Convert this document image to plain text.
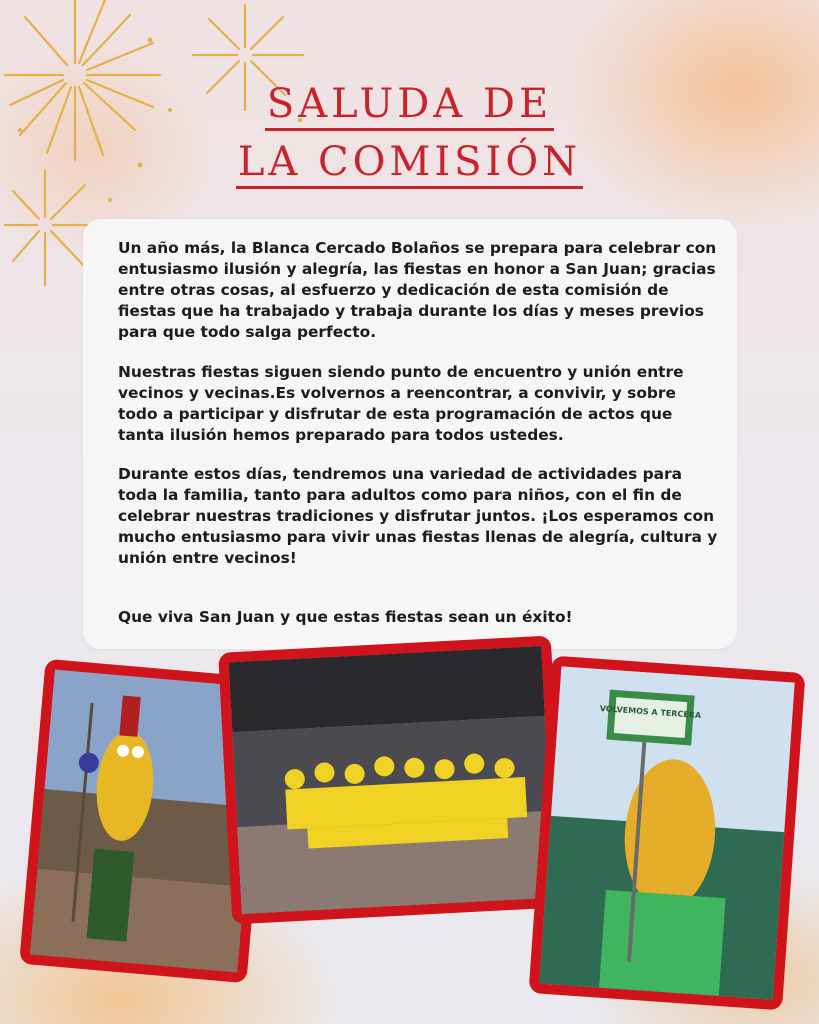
SALUDA DE
LA COMISIÓN

Un año más, la Blanca Cercado Bolaños se prepara para celebrar con entusiasmo ilusión y alegría, las fiestas en honor a San Juan; gracias entre otras cosas, al esfuerzo y dedicación de esta comisión de fiestas que ha trabajado y trabaja durante los días y meses previos para que todo salga perfecto.

Nuestras fiestas siguen siendo punto de encuentro y unión entre vecinos y vecinas.Es volvernos a reencontrar, a convivir, y sobre todo a participar y disfrutar de esta programación de actos que tanta ilusión hemos preparado para todos ustedes.

Durante estos días, tendremos una variedad de actividades para toda la familia, tanto para adultos como para niños, con el fin de celebrar nuestras tradiciones y disfrutar juntos. ¡Los esperamos con mucho entusiasmo para vivir unas fiestas llenas de alegría, cultura y unión entre vecinos!

Que viva San Juan y que estas fiestas sean un éxito!

VOLVEMOS A TERCERA
